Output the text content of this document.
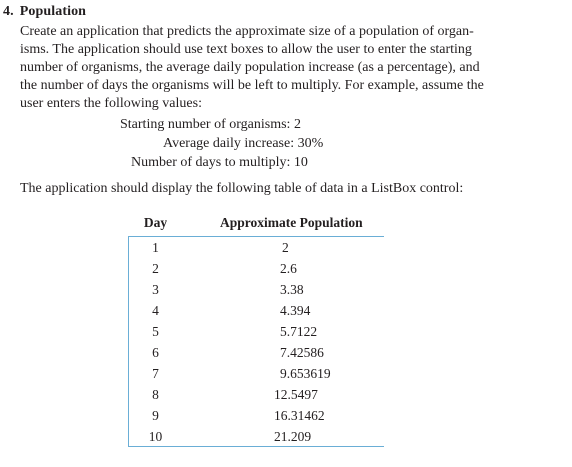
4. Population

Create an application that predicts the approximate size of a population of organ-
isms. The application should use text boxes to allow the user to enter the starting
number of organisms, the average daily population increase (as a percentage), and
the number of days the organisms will be left to multiply. For example, assume the
user enters the following values:

Starting number of organisms: 2
Average daily increase: 30%
Number of days to multiply: 10
The application should display the following table of data in a ListBox control:
Day	Approximate Population
1	2
2	2.6
3	3.38
4	4.394
5	5.7122
6	7.42586
7	9.653619
8	12.5497
9	16.31462
10	21.209
